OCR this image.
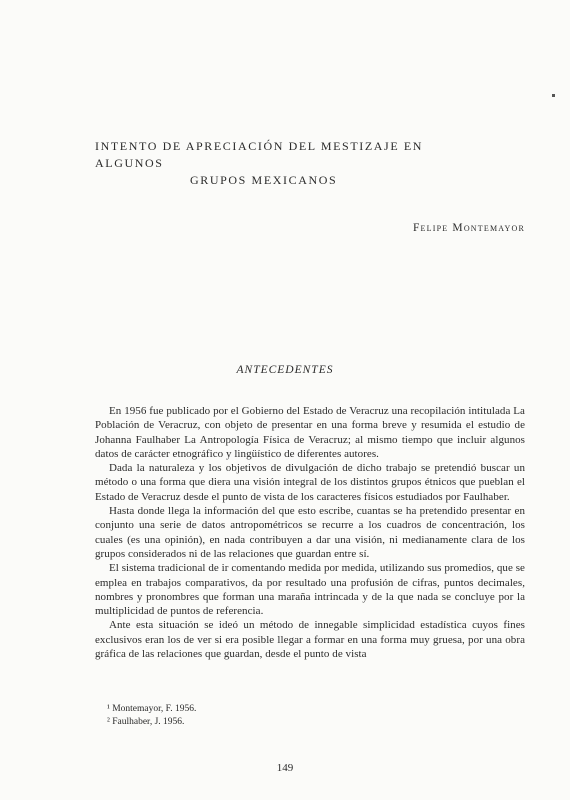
INTENTO DE APRECIACIÓN DEL MESTIZAJE EN ALGUNOS
GRUPOS MEXICANOS
Felipe Montemayor
ANTECEDENTES

En 1956 fue publicado por el Gobierno del Estado de Veracruz una recopilación intitulada La Población de Veracruz, con objeto de presentar en una forma breve y resumida el estudio de Johanna Faulhaber La Antropología Física de Veracruz; al mismo tiempo que incluir algunos datos de carácter etnográfico y lingüístico de diferentes autores.

Dada la naturaleza y los objetivos de divulgación de dicho trabajo se pretendió buscar un método o una forma que diera una visión integral de los distintos grupos étnicos que pueblan el Estado de Veracruz desde el punto de vista de los caracteres físicos estudiados por Faulhaber.

Hasta donde llega la información del que esto escribe, cuantas se ha pretendido presentar en conjunto una serie de datos antropométricos se recurre a los cuadros de concentración, los cuales (es una opinión), en nada contribuyen a dar una visión, ni medianamente clara de los grupos considerados ni de las relaciones que guardan entre sí.

El sistema tradicional de ir comentando medida por medida, utilizando sus promedios, que se emplea en trabajos comparativos, da por resultado una profusión de cifras, puntos decimales, nombres y pronombres que forman una maraña intrincada y de la que nada se concluye por la multiplicidad de puntos de referencia.

Ante esta situación se ideó un método de innegable simplicidad estadística cuyos fines exclusivos eran los de ver si era posible llegar a formar en una forma muy gruesa, por una obra gráfica de las relaciones que guardan, desde el punto de vista

¹ Montemayor, F. 1956.
² Faulhaber, J. 1956.
149
